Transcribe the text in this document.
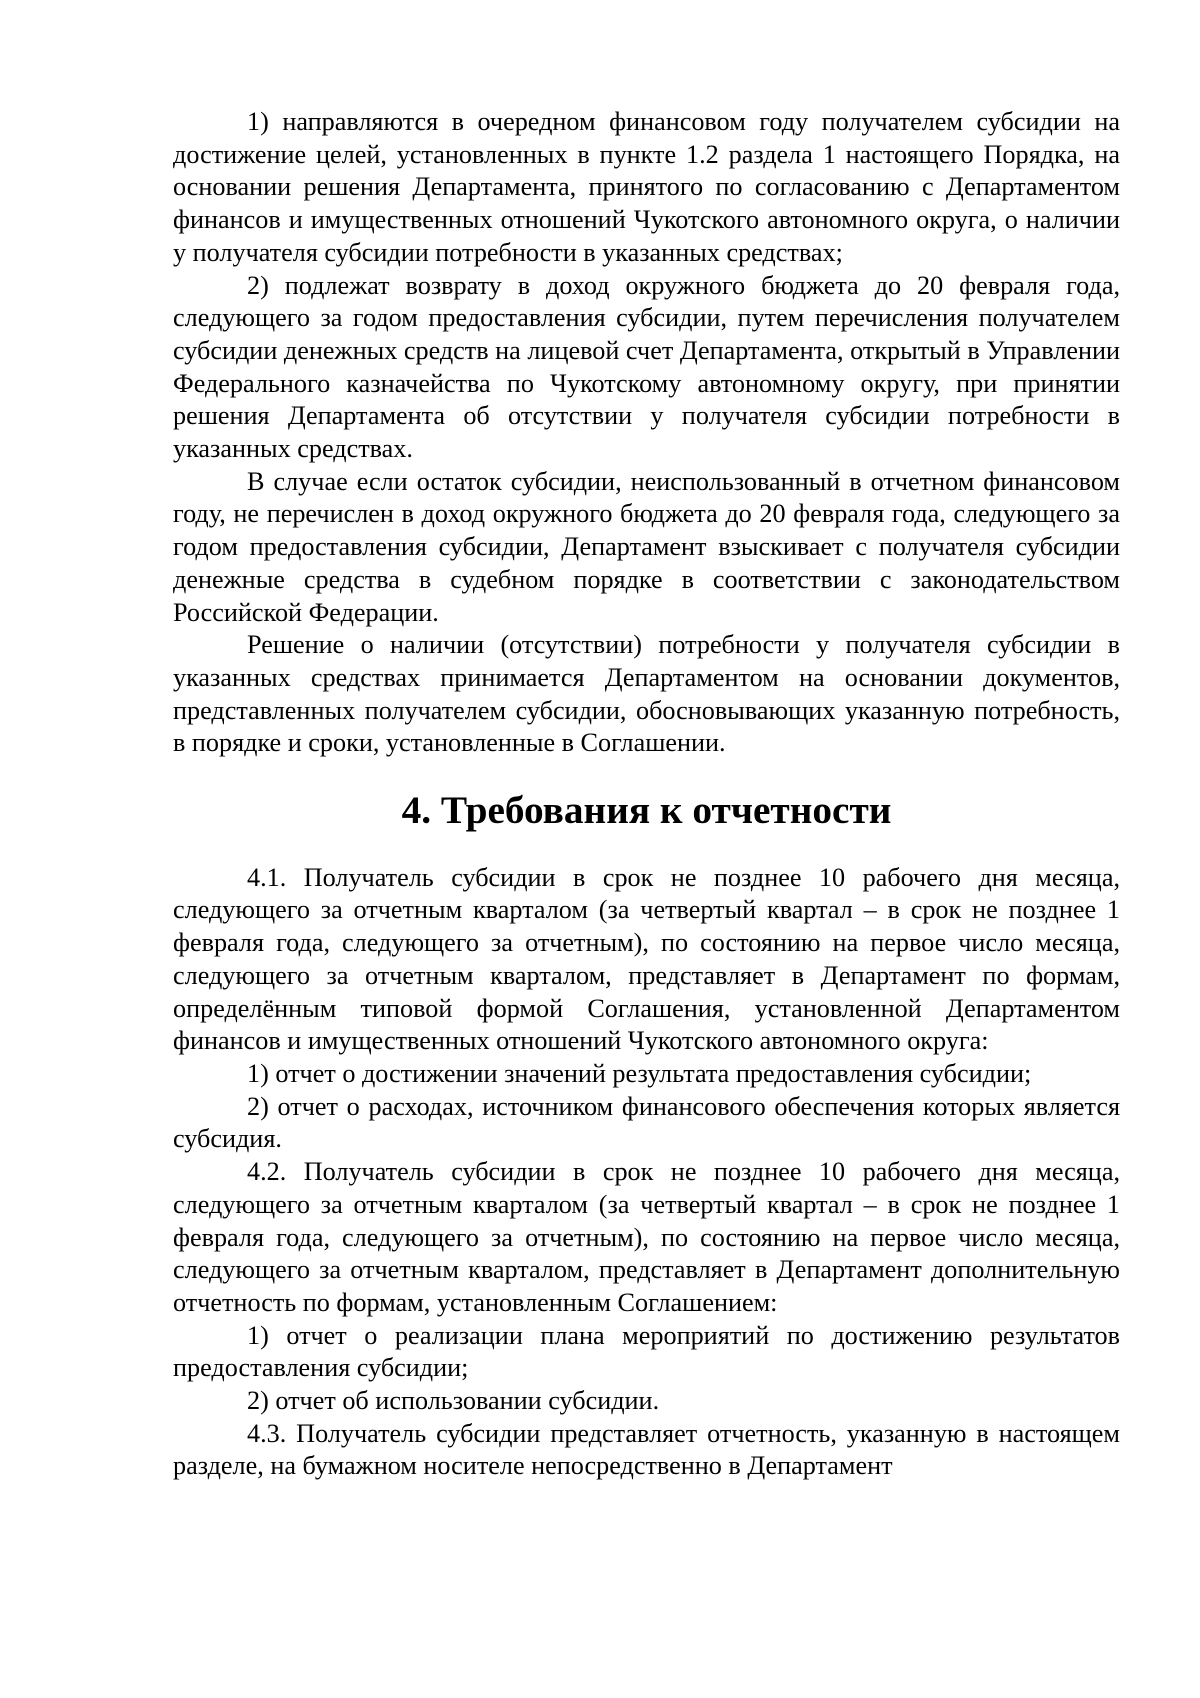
1) направляются в очередном финансовом году получателем субсидии на достижение целей, установленных в пункте 1.2 раздела 1 настоящего Порядка, на основании решения Департамента, принятого по согласованию с Департаментом финансов и имущественных отношений Чукотского автономного округа, о наличии у получателя субсидии потребности в указанных средствах;

2) подлежат возврату в доход окружного бюджета до 20 февраля года, следующего за годом предоставления субсидии, путем перечисления получателем субсидии денежных средств на лицевой счет Департамента, открытый в Управлении Федерального казначейства по Чукотскому автономному округу, при принятии решения Департамента об отсутствии у получателя субсидии потребности в указанных средствах.

В случае если остаток субсидии, неиспользованный в отчетном финансовом году, не перечислен в доход окружного бюджета до 20 февраля года, следующего за годом предоставления субсидии, Департамент взыскивает с получателя субсидии денежные средства в судебном порядке в соответствии с законодательством Российской Федерации.

Решение о наличии (отсутствии) потребности у получателя субсидии в указанных средствах принимается Департаментом на основании документов, представленных получателем субсидии, обосновывающих указанную потребность, в порядке и сроки, установленные в Соглашении.

4. Требования к отчетности

4.1. Получатель субсидии в срок не позднее 10 рабочего дня месяца, следующего за отчетным кварталом (за четвертый квартал – в срок не позднее 1 февраля года, следующего за отчетным), по состоянию на первое число месяца, следующего за отчетным кварталом, представляет в Департамент по формам, определённым типовой формой Соглашения, установленной Департаментом финансов и имущественных отношений Чукотского автономного округа:

1) отчет о достижении значений результата предоставления субсидии;

2) отчет о расходах, источником финансового обеспечения которых является субсидия.

4.2. Получатель субсидии в срок не позднее 10 рабочего дня месяца, следующего за отчетным кварталом (за четвертый квартал – в срок не позднее 1 февраля года, следующего за отчетным), по состоянию на первое число месяца, следующего за отчетным кварталом, представляет в Департамент дополнительную отчетность по формам, установленным Соглашением:

1) отчет о реализации плана мероприятий по достижению результатов предоставления субсидии;

2) отчет об использовании субсидии.

4.3. Получатель субсидии представляет отчетность, указанную в настоящем разделе, на бумажном носителе непосредственно в Департамент
